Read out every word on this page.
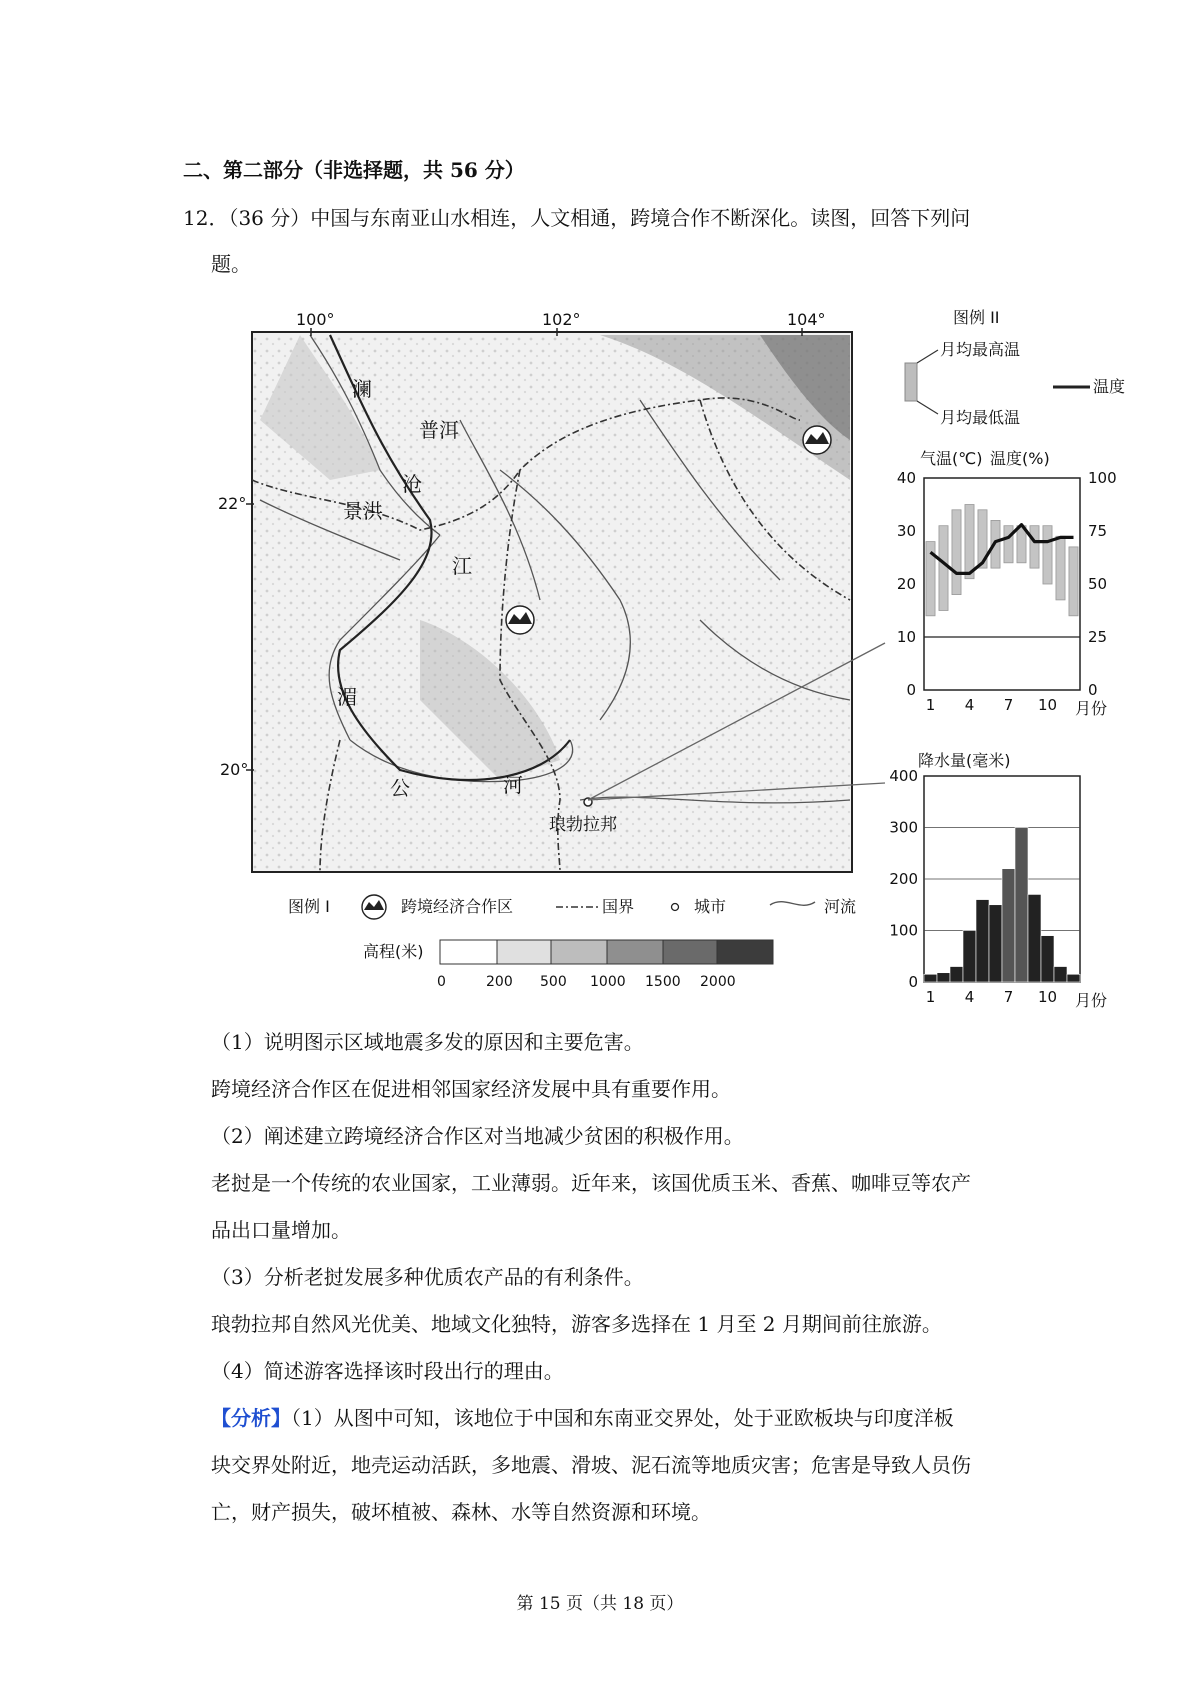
二、第二部分（非选择题，共 56 分）
12．（36 分）中国与东南亚山水相连，人文相通，跨境合作不断深化。读图，回答下列问
题。
澜
普洱
沧
景洪
江
湄
公	河
琅勃拉邦
100°	102°	104°
22°
20°
图例 I	跨境经济合作区	国界	城市	河流
高程(米)
0	200 500 1000 1500 2000
图例 II
月均最高温
月均最低温
温度
气温(℃) 温度(%)
0
10
20
30
40
0
25
50
75
100
1 4 7 10 月份
降水量(毫米)
0
100
200
300
400
1 4 7 10 月份
（1）说明图示区域地震多发的原因和主要危害。
跨境经济合作区在促进相邻国家经济发展中具有重要作用。
（2）阐述建立跨境经济合作区对当地减少贫困的积极作用。
老挝是一个传统的农业国家，工业薄弱。近年来，该国优质玉米、香蕉、咖啡豆等农产
品出口量增加。
（3）分析老挝发展多种优质农产品的有利条件。
琅勃拉邦自然风光优美、地域文化独特，游客多选择在 1 月至 2 月期间前往旅游。
（4）简述游客选择该时段出行的理由。
【分析】（1）从图中可知，该地位于中国和东南亚交界处，处于亚欧板块与印度洋板
块交界处附近，地壳运动活跃，多地震、滑坡、泥石流等地质灾害；危害是导致人员伤
亡，财产损失，破坏植被、森林、水等自然资源和环境。
第 15 页（共 18 页）
